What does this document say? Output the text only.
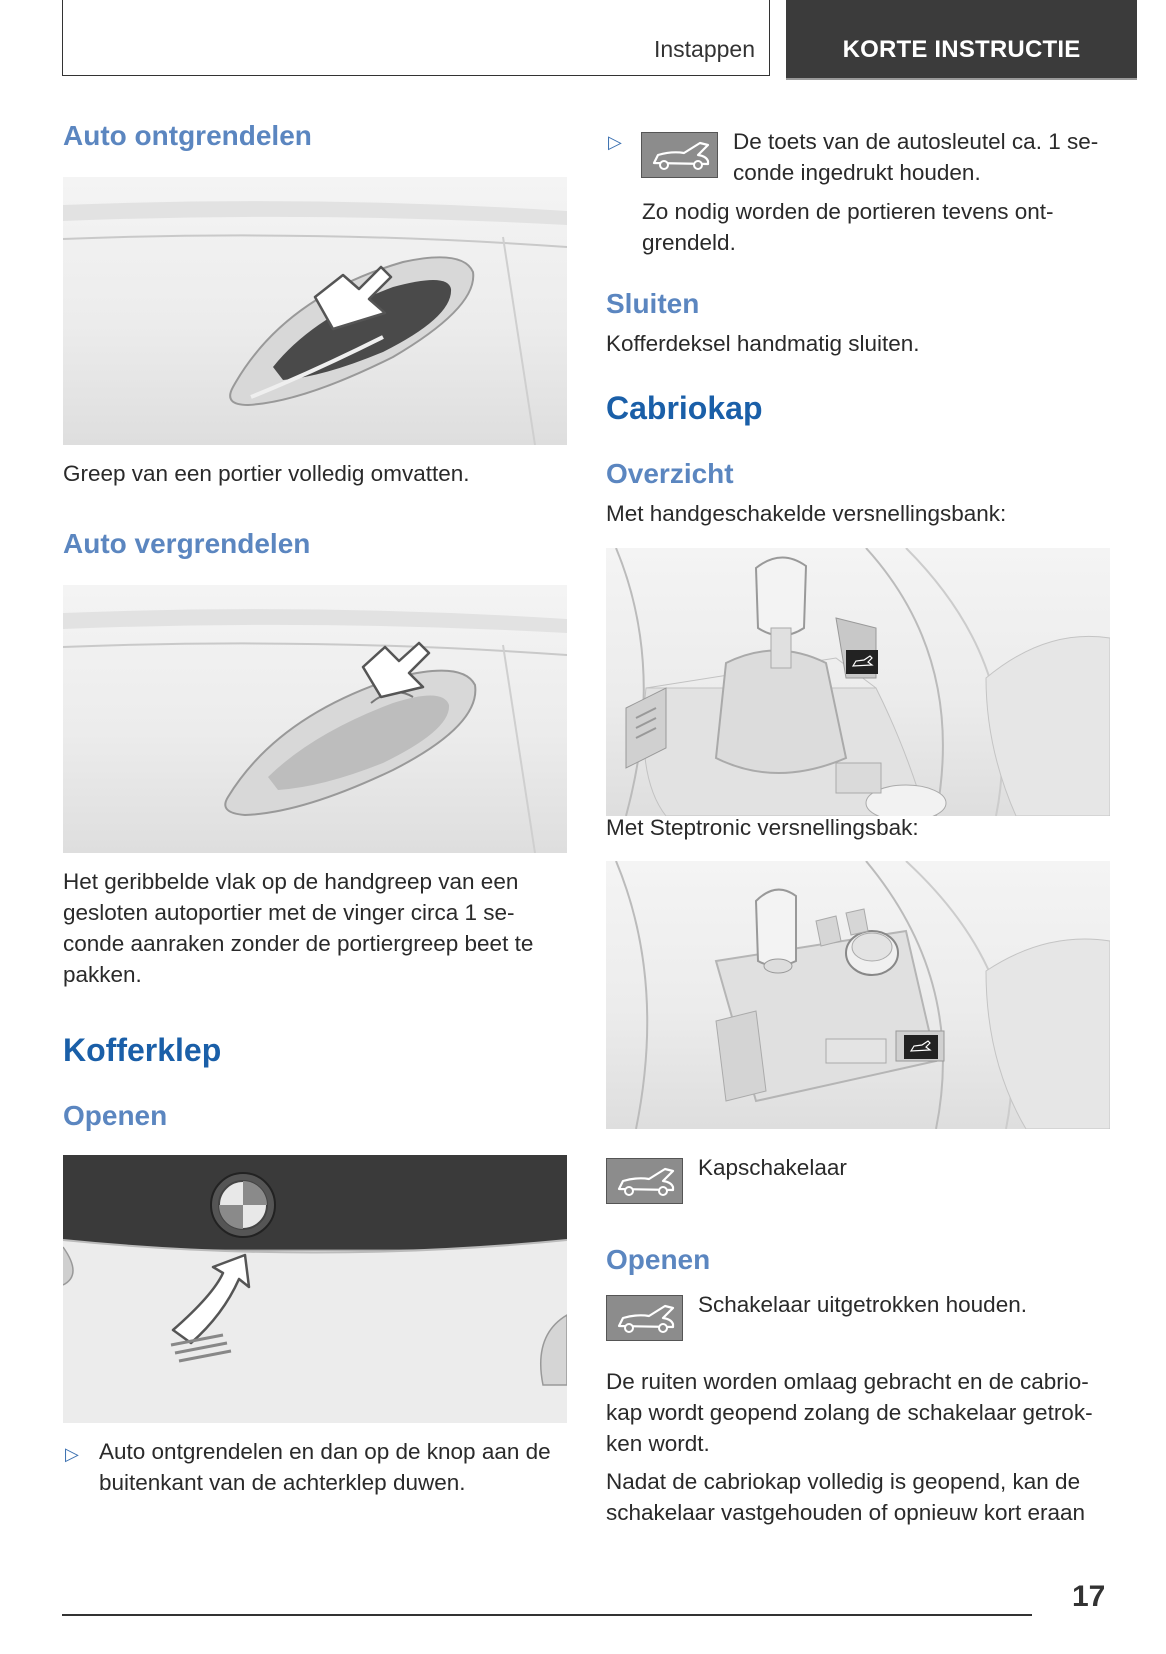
Instappen	KORTE INSTRUCTIE
Auto ontgrendelen

Greep van een portier volledig omvatten.

Auto vergrendelen

Het geribbelde vlak op de handgreep van een
gesloten autoportier met de vinger circa 1 se-
conde aanraken zonder de portiergreep beet te
pakken.

Kofferklep
Openen
▷ Auto ontgrendelen en dan op de knop aan de
buitenkant van de achterklep duwen.

▷	De toets van de autosleutel ca. 1 se-
conde ingedrukt houden.

Zo nodig worden de portieren tevens ont-
grendeld.

Sluiten

Kofferdeksel handmatig sluiten.

Cabriokap
Overzicht

Met handgeschakelde versnellingsbank:

Met Steptronic versnellingsbak:

Kapschakelaar

Openen

Schakelaar uitgetrokken houden.

De ruiten worden omlaag gebracht en de cabrio-
kap wordt geopend zolang de schakelaar getrok-
ken wordt.

Nadat de cabriokap volledig is geopend, kan de
schakelaar vastgehouden of opnieuw kort eraan

17
